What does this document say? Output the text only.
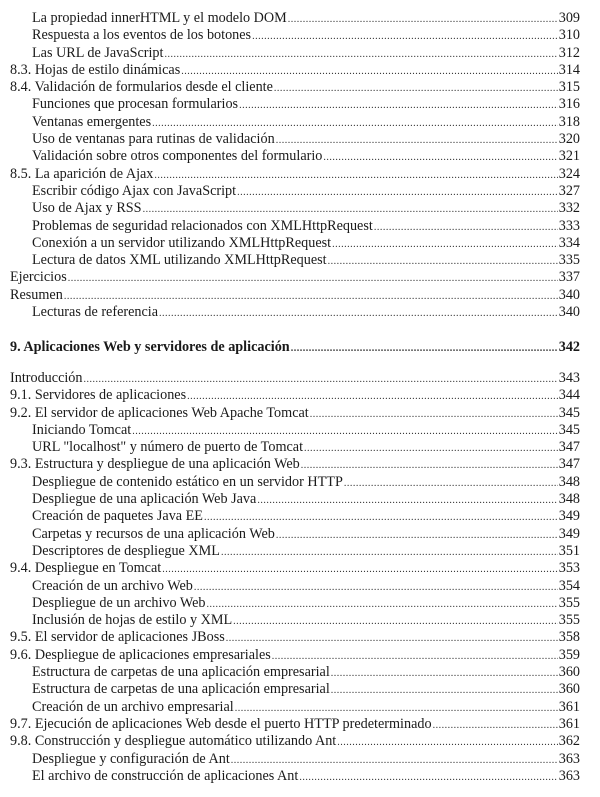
La propiedad innerHTML y el modelo DOM .....	309
Respuesta a los eventos de los botones .....	310
Las URL de JavaScript .....	312
8.3. Hojas de estilo dinámicas .....	314
8.4. Validación de formularios desde el cliente .....	315
Funciones que procesan formularios .....	316
Ventanas emergentes .....	318
Uso de ventanas para rutinas de validación .....	320
Validación sobre otros componentes del formulario .....	321
8.5. La aparición de Ajax .....	324
Escribir código Ajax con JavaScript .....	327
Uso de Ajax y RSS .....	332
Problemas de seguridad relacionados con XMLHttpRequest .....	333
Conexión a un servidor utilizando XMLHttpRequest .....	334
Lectura de datos XML utilizando XMLHttpRequest .....	335
Ejercicios .....	337
Resumen .....	340
Lecturas de referencia .....	340
9. Aplicaciones Web y servidores de aplicación .....	342
Introducción .....	343
9.1. Servidores de aplicaciones .....	344
9.2. El servidor de aplicaciones Web Apache Tomcat .....	345
Iniciando Tomcat .....	345
URL "localhost" y número de puerto de Tomcat .....	347
9.3. Estructura y despliegue de una aplicación Web .....	347
Despliegue de contenido estático en un servidor HTTP .....	348
Despliegue de una aplicación Web Java .....	348
Creación de paquetes Java EE .....	349
Carpetas y recursos de una aplicación Web .....	349
Descriptores de despliegue XML .....	351
9.4. Despliegue en Tomcat .....	353
Creación de un archivo Web .....	354
Despliegue de un archivo Web .....	355
Inclusión de hojas de estilo y XML .....	355
9.5. El servidor de aplicaciones JBoss .....	358
9.6. Despliegue de aplicaciones empresariales .....	359
Estructura de carpetas de una aplicación empresarial .....	360
Estructura de carpetas de una aplicación empresarial .....	360
Creación de un archivo empresarial .....	361
9.7. Ejecución de aplicaciones Web desde el puerto HTTP predeterminado .....	361
9.8. Construcción y despliegue automático utilizando Ant .....	362
Despliegue y configuración de Ant .....	363
El archivo de construcción de aplicaciones Ant .....	363
